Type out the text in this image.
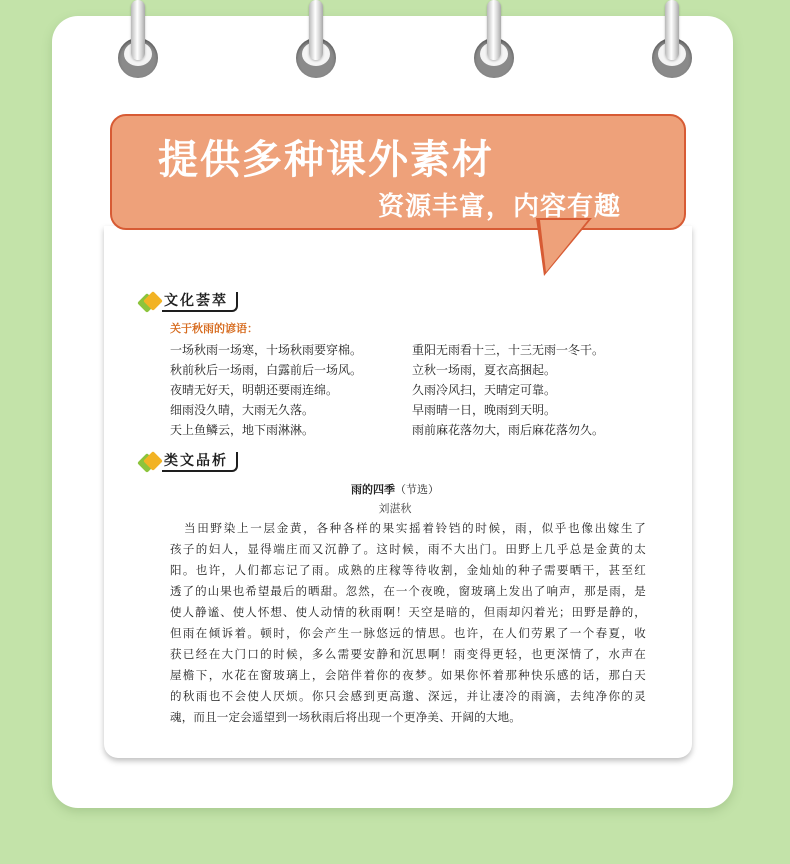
提供多种课外素材
资源丰富，内容有趣
文化荟萃
关于秋雨的谚语：
一场秋雨一场寒，十场秋雨要穿棉。
秋前秋后一场雨，白露前后一场风。
夜晴无好天，明朝还要雨连绵。
细雨没久晴，大雨无久落。
天上鱼鳞云，地下雨淋淋。
重阳无雨看十三，十三无雨一冬干。
立秋一场雨，夏衣高捆起。
久雨冷风扫，天晴定可靠。
早雨晴一日，晚雨到天明。
雨前麻花落勿大，雨后麻花落勿久。
类文品析
雨的四季（节选）
刘湛秋
当田野染上一层金黄，各种各样的果实摇着铃铛的时候，雨，似乎也像出嫁生了
孩子的妇人，显得端庄而又沉静了。这时候，雨不大出门。田野上几乎总是金黄的太
阳。也许，人们都忘记了雨。成熟的庄稼等待收割，金灿灿的种子需要晒干，甚至红
透了的山果也希望最后的晒甜。忽然，在一个夜晚，窗玻璃上发出了响声，那是雨，是
使人静谧、使人怀想、使人动情的秋雨啊！天空是暗的，但雨却闪着光；田野是静的，
但雨在倾诉着。顿时，你会产生一脉悠远的情思。也许，在人们劳累了一个春夏，收
获已经在大门口的时候，多么需要安静和沉思啊！雨变得更轻，也更深情了，水声在
屋檐下，水花在窗玻璃上，会陪伴着你的夜梦。如果你怀着那种快乐感的话，那白天
的秋雨也不会使人厌烦。你只会感到更高邈、深远，并让凄冷的雨滴，去纯净你的灵
魂，而且一定会遥望到一场秋雨后将出现一个更净美、开阔的大地。
